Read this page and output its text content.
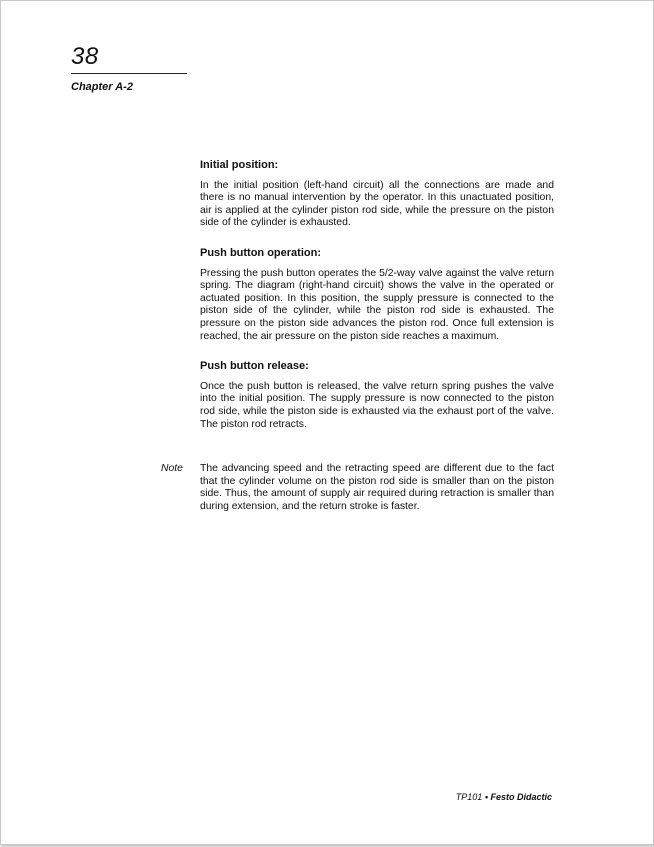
38
Chapter A-2

Initial position:

In the initial position (left-hand circuit) all the connections are made and there is no manual intervention by the operator. In this unactuated position, air is applied at the cylinder piston rod side, while the pressure on the piston side of the cylinder is exhausted.

Push button operation:

Pressing the push button operates the 5/2-way valve against the valve return spring. The diagram (right-hand circuit) shows the valve in the operated or actuated position. In this position, the supply pressure is connected to the piston side of the cylinder, while the piston rod side is exhausted. The pressure on the piston side advances the piston rod. Once full extension is reached, the air pressure on the piston side reaches a maximum.

Push button release:

Once the push button is released, the valve return spring pushes the valve into the initial position. The supply pressure is now connected to the piston rod side, while the piston side is exhausted via the exhaust port of the valve. The piston rod retracts.

Note The advancing speed and the retracting speed are different due to the fact that the cylinder volume on the piston rod side is smaller than on the piston side. Thus, the amount of supply air required during retraction is smaller than during extension, and the return stroke is faster.

TP101 • Festo Didactic
